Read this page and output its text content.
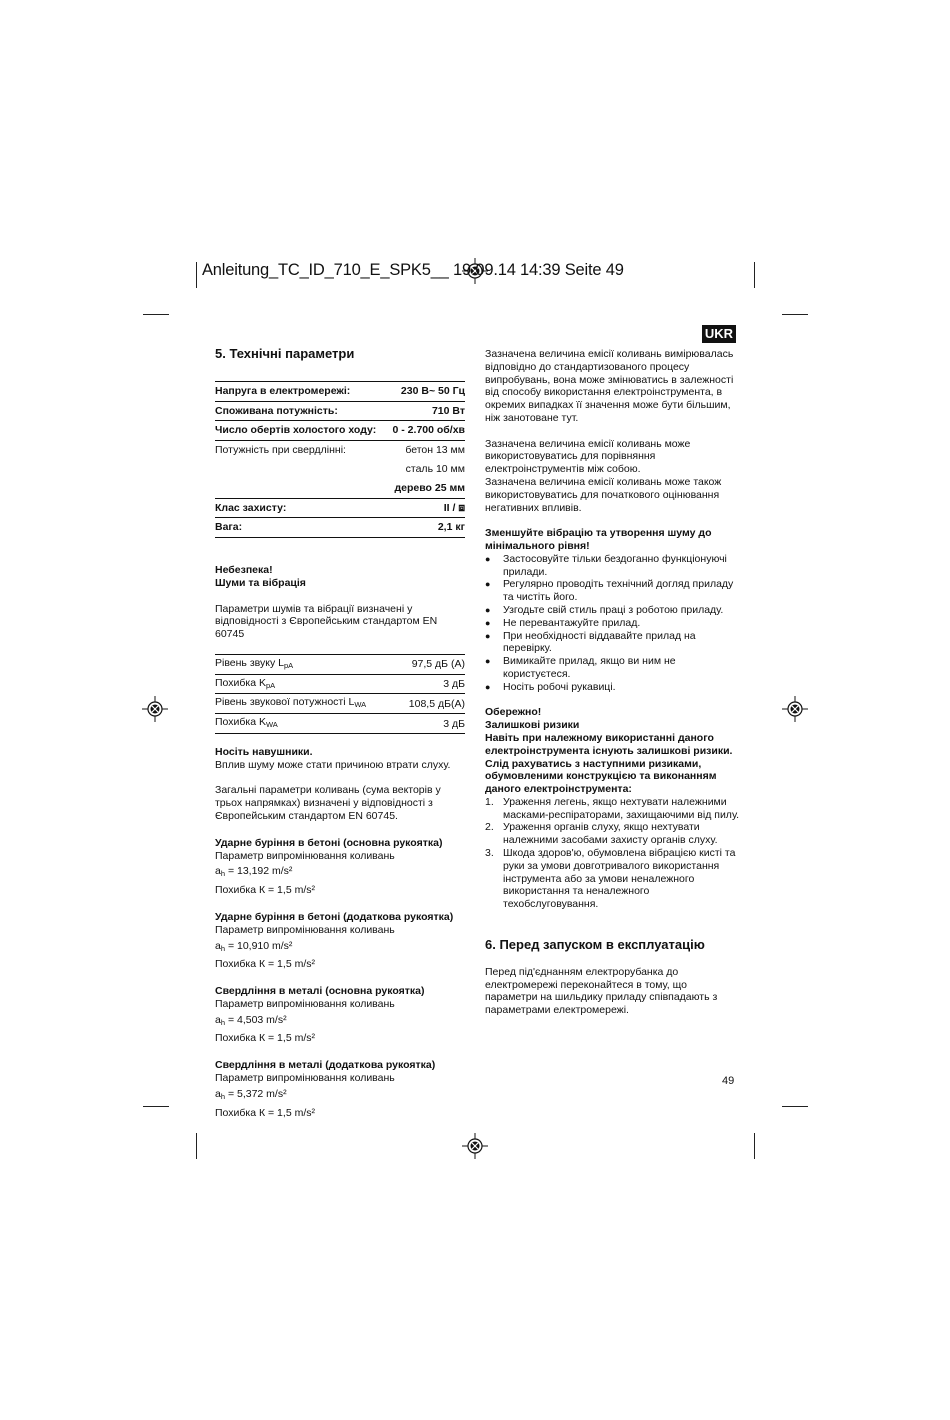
Anleitung_TC_ID_710_E_SPK5__ 19.09.14 14:39 Seite 49
UKR
5. Технічні параметри
Напруга в електромережі:	230 В~ 50 Гц
Споживана потужність:	710 Вт
Число обертів холостого ходу:	0 - 2.700 об/хв
Потужність при свердлінні:	бетон 13 мм
	сталь 10 мм
	дерево 25 мм
Клас захисту:	II / ⧈
Вага:	2,1 кг

Небезпека!

Шуми та вібрація

Параметри шумів та вібрації визначені у відповідності з Європейським стандартом EN 60745

Рівень звуку $L_{pA}$	97,5 дБ (A)
Похибка $K_{pA}$	3 дБ
Рівень звукової потужності $L_{WA}$	108,5 дБ(A)
Похибка $K_{WA}$	3 дБ

Носіть навушники.

Вплив шуму може стати причиною втрати слуху.

Загальні параметри коливань (сума векторів у трьох напрямках) визначені у відповідності з Європейським стандартом EN 60745.

Ударне буріння в бетоні (основна рукоятка)

Параметр випромінювання коливань

$a_h = 13,192$ m/s²

Похибка К = 1,5 m/s²

Ударне буріння в бетоні (додаткова рукоятка)

Параметр випромінювання коливань

$a_h = 10,910$ m/s²

Похибка К = 1,5 m/s²

Свердління в металі (основна рукоятка)

Параметр випромінювання коливань

$a_h = 4,503$ m/s²

Похибка К = 1,5 m/s²

Свердління в металі (додаткова рукоятка)

Параметр випромінювання коливань

$a_h = 5,372$ m/s²

Похибка К = 1,5 m/s²

Зазначена величина емісії коливань вимірювалась відповідно до стандартизованого процесу випробувань, вона може змінюватись в залежності від способу використання електроінструмента, в окремих випадках її значення може бути більшим, ніж занотоване тут.

Зазначена величина емісії коливань може використовуватись для порівняння електроінструментів між собою.

Зазначена величина емісії коливань може також використовуватись для початкового оцінювання негативних впливів.

Зменшуйте вібрацію та утворення шуму до мінімального рівня!

● Застосовуйте тільки бездоганно функціонуючі прилади.
● Регулярно проводіть технічний догляд приладу та чистіть його.
● Узгодьте свій стиль праці з роботою приладу.
● Не перевантажуйте прилад.
● При необхідності віддавайте прилад на перевірку.
● Вимикайте прилад, якщо ви ним не користуєтеся.
● Носіть робочі рукавиці.

Обережно!

Залишкові ризики

Навіть при належному використанні даного електроінструмента існують залишкові ризики. Слід рахуватись з наступними ризиками, обумовленими конструкцією та виконанням даного електроінструмента:

1. Ураження легень, якщо нехтувати належними масками-респіраторами, захищаючими від пилу.
2. Ураження органів слуху, якщо нехтувати належними засобами захисту органів слуху.
3. Шкода здоров'ю, обумовлена вібрацією кисті та руки за умови довготривалого використання інструмента або за умови неналежного використання та неналежного техобслуговування.
6. Перед запуском в експлуатацію

Перед під'єднанням електрорубанка до електромережі переконайтеся в тому, що параметри на шильдику приладу співпадають з параметрами електромережі.

49
